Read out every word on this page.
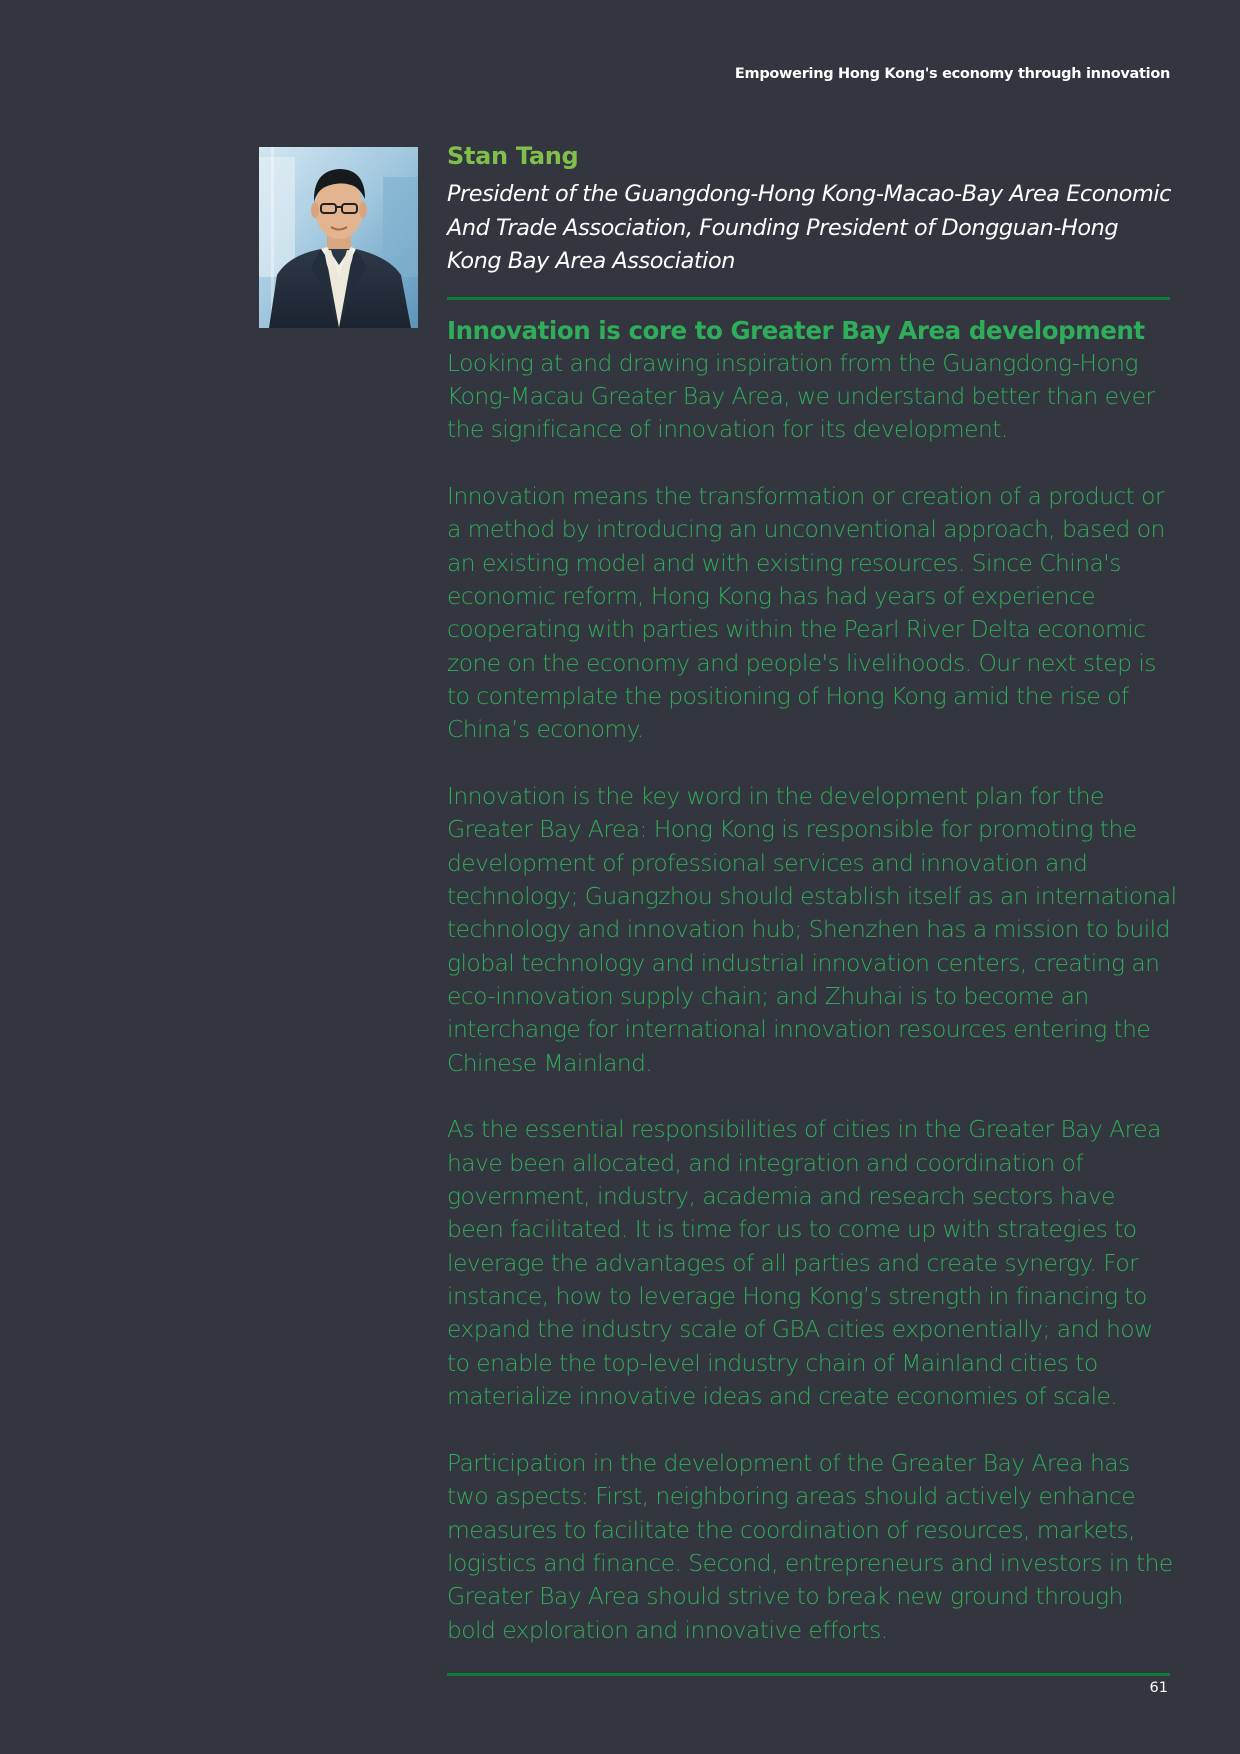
Empowering Hong Kong's economy through innovation
Stan Tang

President of the Guangdong-Hong Kong-Macao-Bay Area Economic And Trade Association, Founding President of Dongguan-Hong Kong Bay Area Association

Innovation is core to Greater Bay Area development

Looking at and drawing inspiration from the Guangdong-Hong Kong-Macau Greater Bay Area, we understand better than ever the significance of innovation for its development.

Innovation means the transformation or creation of a product or a method by introducing an unconventional approach, based on an existing model and with existing resources. Since China's economic reform, Hong Kong has had years of experience cooperating with parties within the Pearl River Delta economic zone on the economy and people's livelihoods. Our next step is to contemplate the positioning of Hong Kong amid the rise of China’s economy.

Innovation is the key word in the development plan for the Greater Bay Area: Hong Kong is responsible for promoting the development of professional services and innovation and technology; Guangzhou should establish itself as an international technology and innovation hub; Shenzhen has a mission to build global technology and industrial innovation centers, creating an eco-innovation supply chain; and Zhuhai is to become an interchange for international innovation resources entering the Chinese Mainland.

As the essential responsibilities of cities in the Greater Bay Area have been allocated, and integration and coordination of government, industry, academia and research sectors have been facilitated. It is time for us to come up with strategies to leverage the advantages of all parties and create synergy. For instance, how to leverage Hong Kong’s strength in financing to expand the industry scale of GBA cities exponentially; and how to enable the top-level industry chain of Mainland cities to materialize innovative ideas and create economies of scale.

Participation in the development of the Greater Bay Area has two aspects: First, neighboring areas should actively enhance measures to facilitate the coordination of resources, markets, logistics and finance. Second, entrepreneurs and investors in the Greater Bay Area should strive to break new ground through bold exploration and innovative efforts.

61
